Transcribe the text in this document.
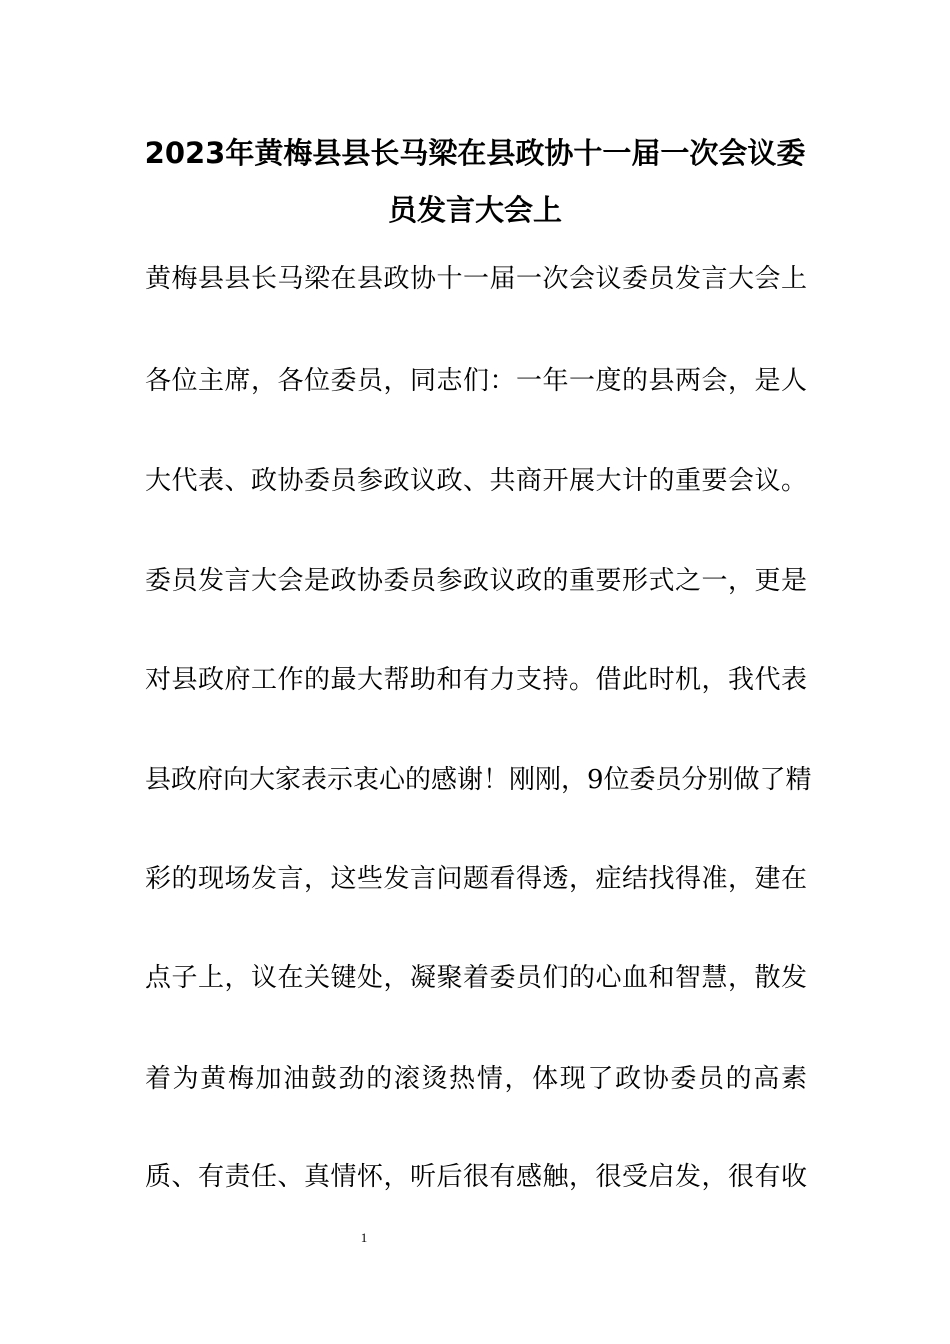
2023年黄梅县县长马梁在县政协十一届一次会议委
员发言大会上
黄梅县县长马梁在县政协十一届一次会议委员发言大会上
各位主席，各位委员，同志们：一年一度的县两会，是人
大代表、政协委员参政议政、共商开展大计的重要会议。
委员发言大会是政协委员参政议政的重要形式之一，更是
对县政府工作的最大帮助和有力支持。借此时机，我代表
县政府向大家表示衷心的感谢！刚刚，9位委员分别做了精
彩的现场发言，这些发言问题看得透，症结找得准，建在
点子上，议在关键处，凝聚着委员们的心血和智慧，散发
着为黄梅加油鼓劲的滚烫热情，体现了政协委员的高素
质、有责任、真情怀，听后很有感触，很受启发，很有收
1
